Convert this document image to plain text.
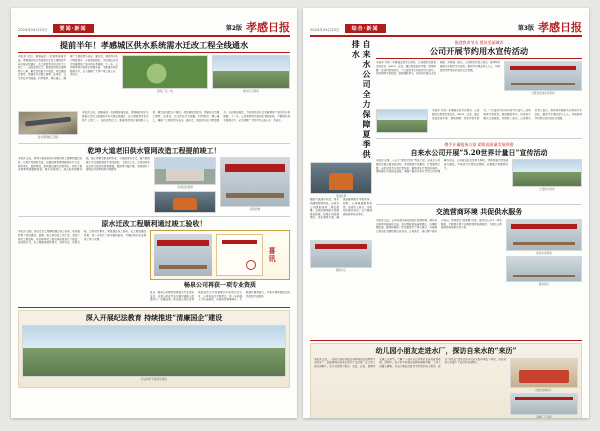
2024年04月23日	要闻·新闻	第2版 孝感日报
提前半年！孝感城区供水系统需水迁改工程全线通水
本报讯 近日，随着最后一处管网连接完成，孝感城区供水系统需水迁改工程提前半年实现全线通水。该工程是我市重点民生工程之一，总投资约亿元，新建改造供水管网数十公里，惠及沿线数万户居民。项目建设过程中，参建各方克服工期紧、任务重、交叉作业多等困难，科学组织、精心施工，确保了工程质量与安全。通水后，城区供水压力明显提升，水质更加稳定，为区域经济社会发展提供了坚实的水务保障。下一步，公司将持续完善供水管网布局，不断提升供水服务水平，全力保障广大用户用上放心水、优质水。
绿色厂区一角	通水仪式现场
供水管网施工现场
本报讯 近日，随着最后一处管网连接完成，孝感城区供水系统需水迁改工程提前半年实现全线通水。该工程是我市重点民生工程之一，总投资约亿元，新建改造供水管网数十公里，惠及沿线数万户居民。项目建设过程中，参建各方克服工期紧、任务重、交叉作业多等困难，科学组织、精心施工，确保了工程质量与安全。通水后，城区供水压力明显提升，水质更加稳定，为区域经济社会发展提供了坚实的水务保障。下一步，公司将持续完善供水管网布局，不断提升供水服务水平，全力保障广大用户用上放心水、优质水。
乾坤大道老旧供水管网改造工程提前竣工！
本报讯 近日，乾坤大道老旧供水管网改造工程顺利通过验收，比原计划提前完成。该路段原有管网建设年代久远，管材老化、漏损率高，影响周边居民正常用水。改造工程采用新型球墨铸铁管，同步完善阀门、消火栓等附属设施，施工期间采取夜间作业、分段推进等方式，最大限度减少对交通和居民生活的影响。工程完工后，该区域供水安全性与稳定性显著增强，漏损率大幅下降，有效提升了管网运行效率和用户满意度。
改造后的管道
夜间抢修
原水迁改工程顺利通过竣工验收！
本报讯 日前，原水迁改工程顺利通过竣工验收。验收组听取了项目建设、监理、施工单位的工作汇报，查阅了相关工程资料，并赴现场对工程实体质量进行了检查。验收组认为，该工程建设程序规范、资料齐全、质量合格，达到设计要求，同意通过竣工验收。该工程的建成投用，进一步优化了原水输送格局，为城区供水安全提供了有力支撑。
喜讯
畅泉公司再获一项专业资质
近日，畅泉公司顺利取得相关专业资质证书。这是公司在专业化建设道路上取得的又一重要成果，标志着公司在该领域的技术实力和管理水平获得行业认可。公司将以此为新起点，进一步加强人才队伍建设，完善质量管理体系，不断提升服务能力，为客户提供更加优质高效的专业服务。
深入开展纪法教育 持续推进“清廉国企”建设
纪法教育专题活动现场
2024年04月23日	综合·新闻	第3版 孝感日报
自来水公司全力保障夏季供排水
设备检修
随着气温逐步升高，用水高峰期即将到来。自来水公司提前谋划、周密部署，全面开展供排水设施排查检修，加强水质检测频次，优化调度方案，确保高峰期供水平稳有序。同时，公司畅通服务热线，安排专人值守，及时响应群众诉求，全力保障居民夏季安全用水。
调度中心
推进我市节水 建设美丽城市
公司开展节约用水宣传活动
本报讯 为进一步增强全民节水意识，公司组织志愿者走进社区、школ、企业，通过发放宣传手册、现场讲解、互动问答等形式，广泛宣传节水知识和节水技巧。活动现场气氛热烈，居民踊跃参与，纷纷表示要从点滴做起，珍惜每一滴水。公司相关负责人表示，将持续开展形式多样的节水宣传，推动节水理念深入人心，共同营造节约用水的良好社会氛围。
志愿者发放宣传资料
本报讯 为进一步增强全民节水意识，公司组织志愿者走进社区、школ、企业，通过发放宣传手册、现场讲解、互动问答等形式，广泛宣传节水知识和节水技巧。活动现场气氛热烈，居民踊跃参与，纷纷表示要从点滴做起，珍惜每一滴水。公司相关负责人表示，将持续开展形式多样的节水宣传，推动节水理念深入人心，共同营造节约用水的良好社会氛围。
携手计量服务万家 助推高质量发展供排
自来水公司开展“5.20世界计量日”宣传活动
本报讯 在第二十五个“世界计量日”到来之际，自来水公司组织开展主题宣传活动。活动围绕计量惠民、计量服务主题，向市民普及水表计量知识，解答用水计量相关疑问，现场演示水表检定流程，增强了群众对供水计量工作的理解与信任。公司将以此次活动为契机，持续加强计量基础能力建设，严格执行计量检定规程，以精准计量服务民生。
计量知识宣传
交流营商环境 共促供水服务
本报讯 近日，公司与相关单位就优化营商环境、提升供水服务开展座谈交流。双方围绕报装流程简化、办理时限压缩、服务标准统一等议题进行了深入探讨，并就建立常态化沟通机制达成共识。公司表示，将以用户需求为导向，持续深化“放管服”改革，推行线上线下一体化服务，不断提升用户办事便利度和满意度，为优化全市营商环境贡献水务力量。
座谈交流现场
服务窗口
幼儿园小朋友走进水厂，探访自来水的“来历”
本报讯 近日，一批幼儿园小朋友在老师和家长的带领下走进水厂，近距离探访自来水的生产全过程。在工作人员的讲解下，孩子们参观了取水、沉淀、过滤、消毒等关键工艺环节，了解了一滴水从江河到水龙头的奇妙旅程。活动中，孩子们不时提出各种有趣的问题，工作人员耐心解答，并向小朋友们普及节约用水的小常识。此次“开放日”活动让孩子们在实践中增长了知识，也在他们心中播下了爱水护水的种子。
小朋友参观水厂
讲解工艺流程
